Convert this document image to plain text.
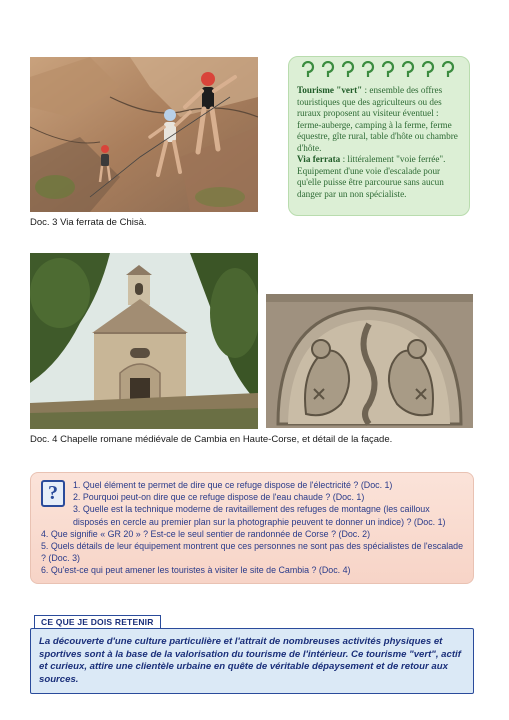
Doc. 3 Via ferrata de Chisà.

Tourisme "vert" : ensemble des offres touristiques que des agriculteurs ou des ruraux proposent au visiteur éventuel : ferme-auberge, camping à la ferme, ferme équestre, gîte rural, table d'hôte ou chambre d'hôte.

Via ferrata : littéralement "voie ferrée". Equipement d'une voie d'escalade pour qu'elle puisse être parcourue sans aucun danger par un non spécialiste.

Doc. 4 Chapelle romane médiévale de Cambia en Haute-Corse, et détail de la façade.
?	1. Quel élément te permet de dire que ce refuge dispose de l'électricité ? (Doc. 1)
2. Pourquoi peut-on dire que ce refuge dispose de l'eau chaude ? (Doc. 1)
3. Quelle est la technique moderne de ravitaillement des refuges de montagne (les cailloux disposés en cercle au premier plan sur la photographie peuvent te donner un indice) ? (Doc. 1)
4. Que signifie « GR 20 » ? Est-ce le seul sentier de randonnée de Corse ? (Doc. 2)
5. Quels détails de leur équipement montrent que ces personnes ne sont pas des spécialistes de l'escalade ? (Doc. 3)
6. Qu'est-ce qui peut amener les touristes à visiter le site de Cambia ? (Doc. 4)
CE QUE JE DOIS RETENIR

La découverte d'une culture particulière et l'attrait de nombreuses activités physiques et sportives sont à la base de la valorisation du tourisme de l'intérieur. Ce tourisme "vert", actif et curieux, attire une clientèle urbaine en quête de véritable dépaysement et de retour aux sources.
